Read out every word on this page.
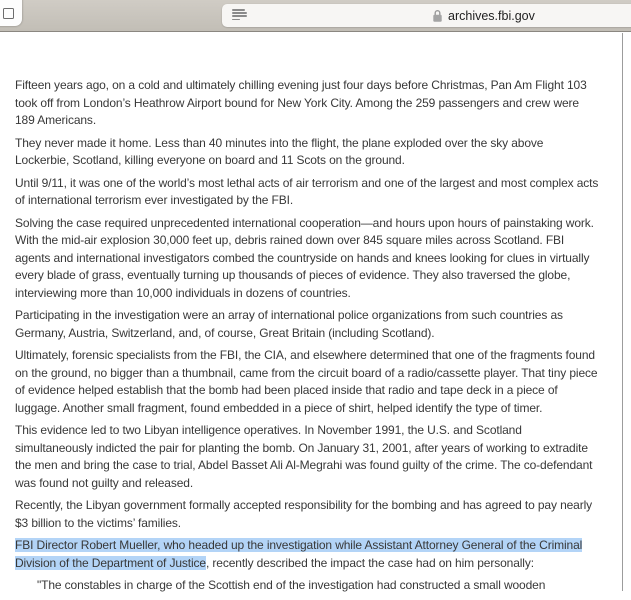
archives.fbi.gov

Fifteen years ago, on a cold and ultimately chilling evening just four days before Christmas, Pan Am Flight 103 took off from London’s Heathrow Airport bound for New York City. Among the 259 passengers and crew were 189 Americans.

They never made it home. Less than 40 minutes into the flight, the plane exploded over the sky above Lockerbie, Scotland, killing everyone on board and 11 Scots on the ground.

Until 9/11, it was one of the world’s most lethal acts of air terrorism and one of the largest and most complex acts of international terrorism ever investigated by the FBI.

Solving the case required unprecedented international cooperation—and hours upon hours of painstaking work. With the mid-air explosion 30,000 feet up, debris rained down over 845 square miles across Scotland. FBI agents and international investigators combed the countryside on hands and knees looking for clues in virtually every blade of grass, eventually turning up thousands of pieces of evidence. They also traversed the globe, interviewing more than 10,000 individuals in dozens of countries.

Participating in the investigation were an array of international police organizations from such countries as Germany, Austria, Switzerland, and, of course, Great Britain (including Scotland).

Ultimately, forensic specialists from the FBI, the CIA, and elsewhere determined that one of the fragments found on the ground, no bigger than a thumbnail, came from the circuit board of a radio/cassette player. That tiny piece of evidence helped establish that the bomb had been placed inside that radio and tape deck in a piece of luggage. Another small fragment, found embedded in a piece of shirt, helped identify the type of timer.

This evidence led to two Libyan intelligence operatives. In November 1991, the U.S. and Scotland simultaneously indicted the pair for planting the bomb. On January 31, 2001, after years of working to extradite the men and bring the case to trial, Abdel Basset Ali Al-Megrahi was found guilty of the crime. The co-defendant was found not guilty and released.

Recently, the Libyan government formally accepted responsibility for the bombing and has agreed to pay nearly $3 billion to the victims’ families.

FBI Director Robert Mueller, who headed up the investigation while Assistant Attorney General of the Criminal Division of the Department of Justice, recently described the impact the case had on him personally:

"The constables in charge of the Scottish end of the investigation had constructed a small wooden
